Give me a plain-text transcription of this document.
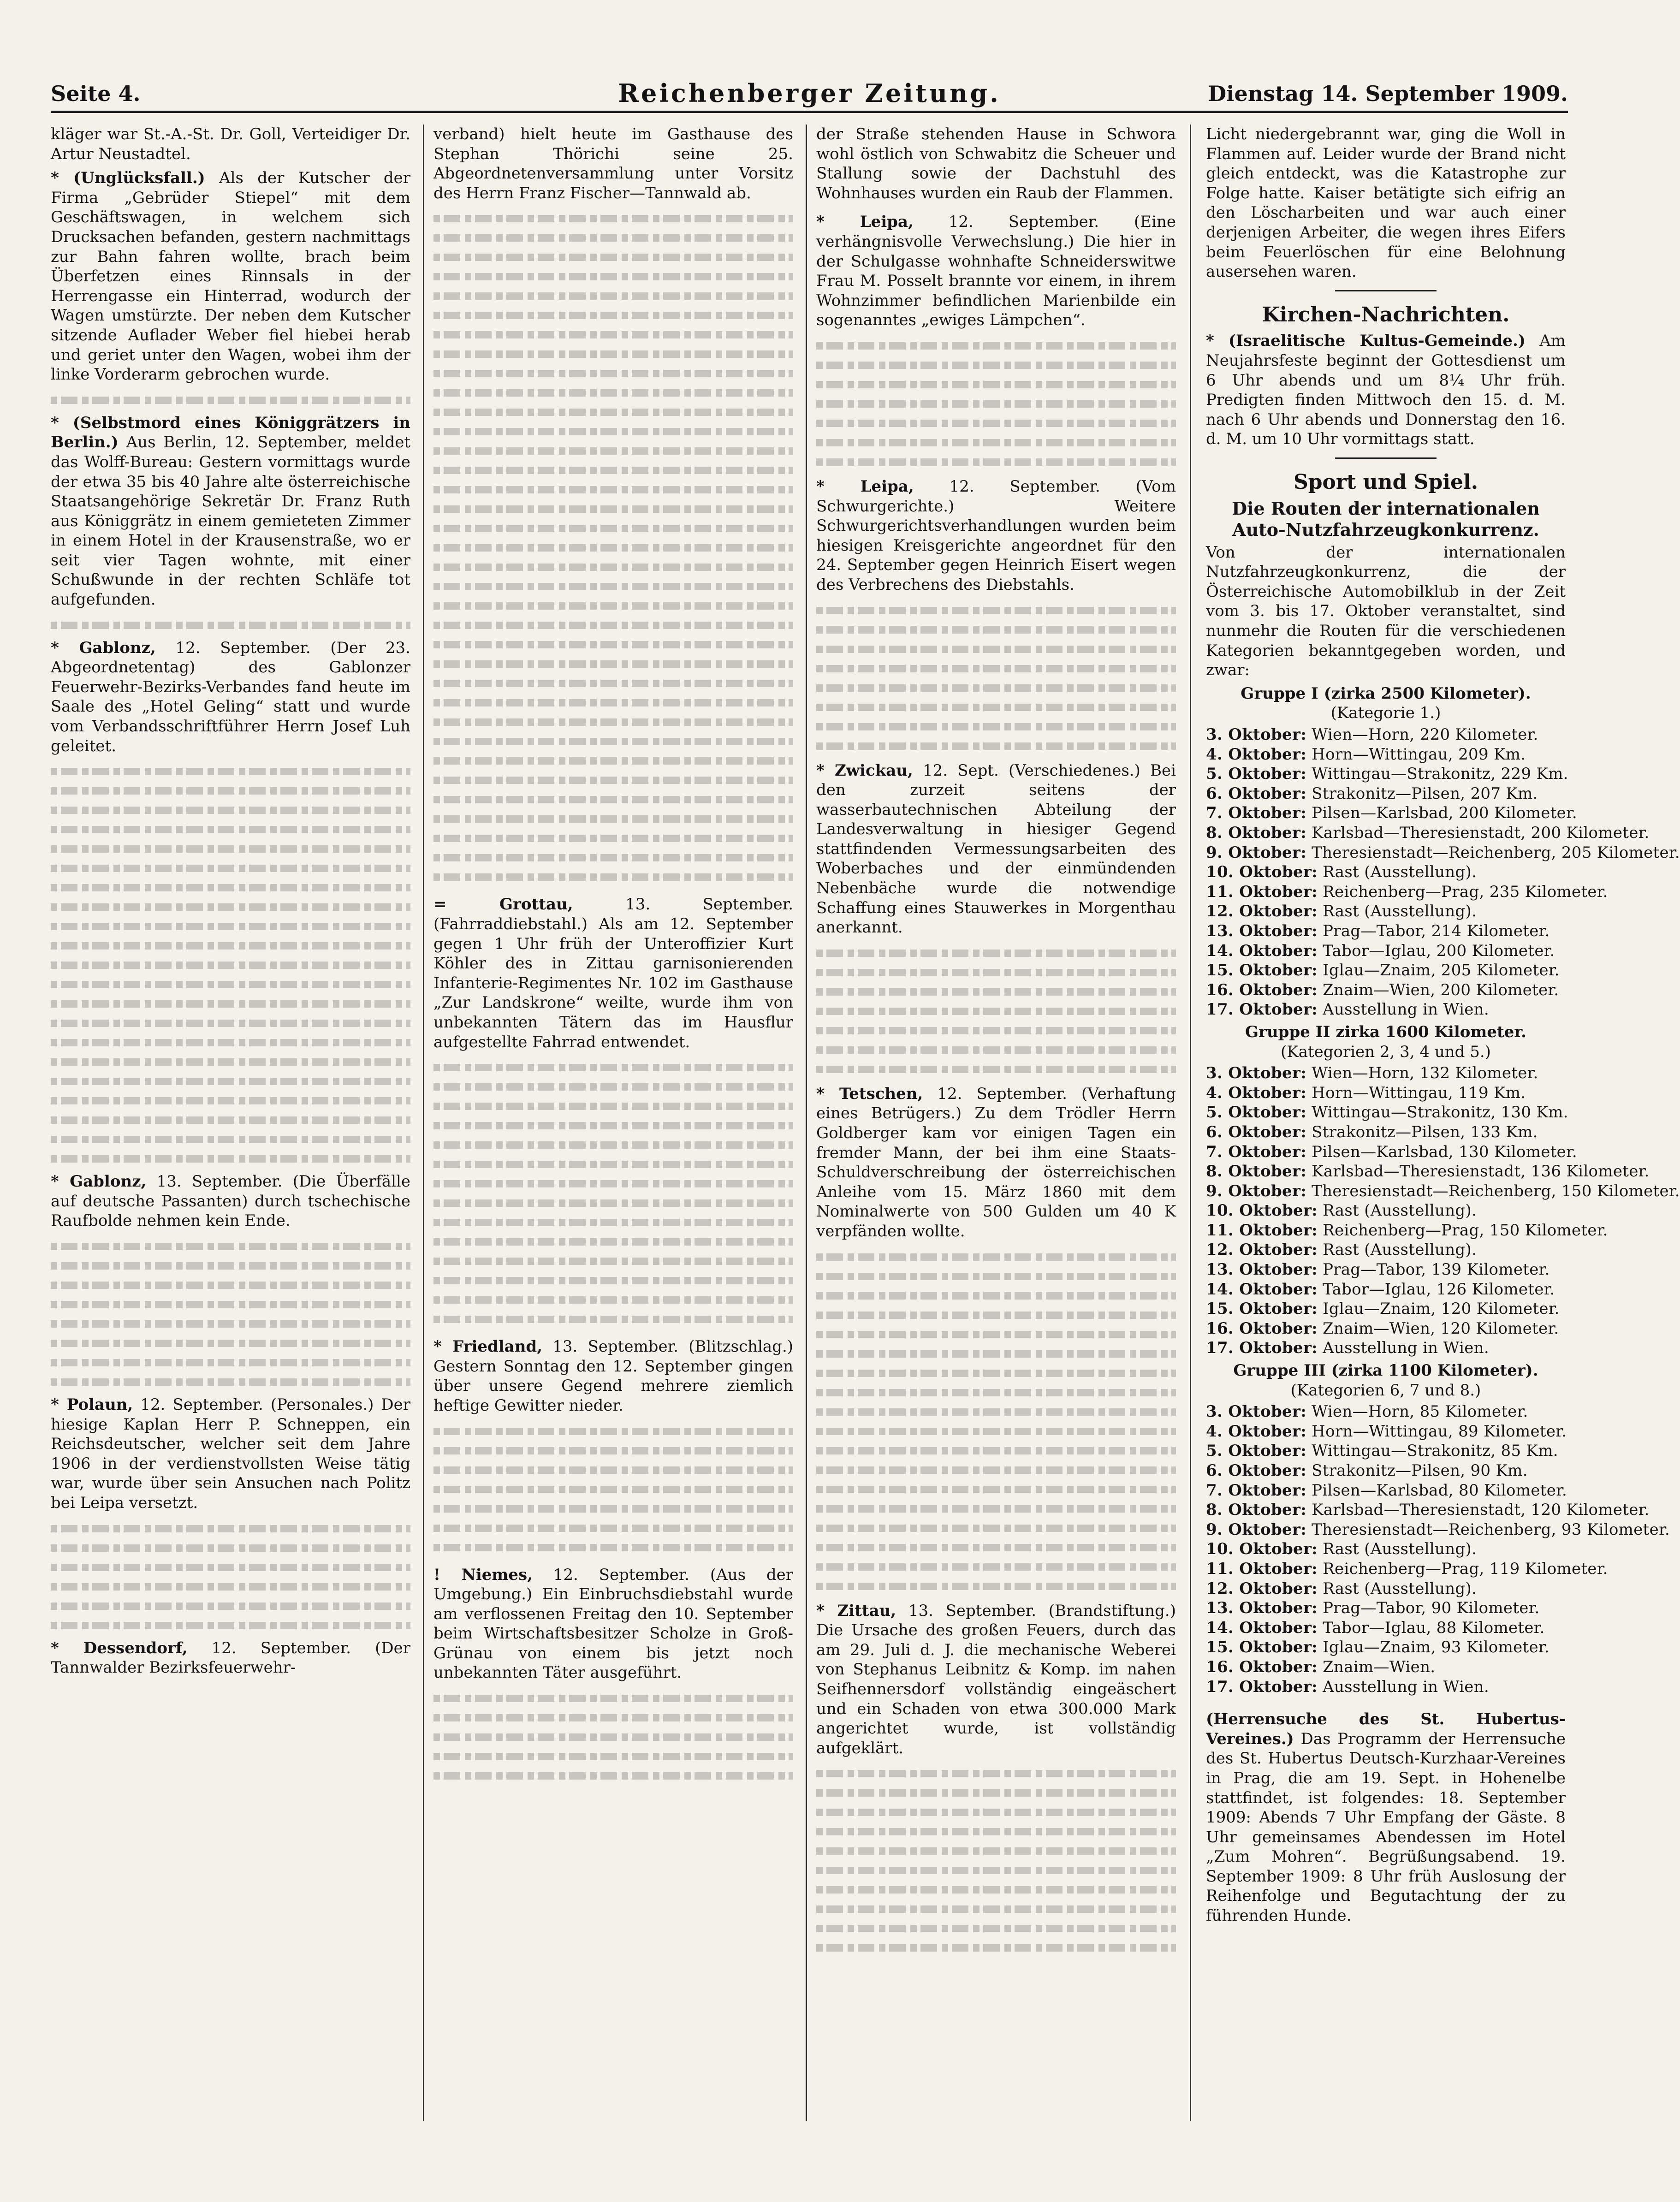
Seite 4.	Reichenberger Zeitung.	Dienstag 14. September 1909.

kläger war St.-A.-St. Dr. Goll, Verteidiger Dr. Artur Neustadtel.

* (Unglücksfall.) Als der Kutscher der Firma „Gebrüder Stiepel“ mit dem Geschäftswagen, in welchem sich Drucksachen befanden, gestern nachmittags zur Bahn fahren wollte, brach beim Überfetzen eines Rinnsals in der Herrengasse ein Hinterrad, wodurch der Wagen umstürzte. Der neben dem Kutscher sitzende Auflader Weber fiel hiebei herab und geriet unter den Wagen, wobei ihm der linke Vorderarm gebrochen wurde.

* (Selbstmord eines Königgrätzers in Berlin.) Aus Berlin, 12. September, meldet das Wolff-Bureau: Gestern vormittags wurde der etwa 35 bis 40 Jahre alte österreichische Staatsangehörige Sekretär Dr. Franz Ruth aus Königgrätz in einem gemieteten Zimmer in einem Hotel in der Krausenstraße, wo er seit vier Tagen wohnte, mit einer Schußwunde in der rechten Schläfe tot aufgefunden.

* Gablonz, 12. September. (Der 23. Abgeordnetentag) des Gablonzer Feuerwehr-Bezirks-Verbandes fand heute im Saale des „Hotel Geling“ statt und wurde vom Verbandsschriftführer Herrn Josef Luh geleitet.

* Gablonz, 13. September. (Die Überfälle auf deutsche Passanten) durch tschechische Raufbolde nehmen kein Ende.

* Polaun, 12. September. (Personales.) Der hiesige Kaplan Herr P. Schneppen, ein Reichsdeutscher, welcher seit dem Jahre 1906 in der verdienstvollsten Weise tätig war, wurde über sein Ansuchen nach Politz bei Leipa versetzt.

* Dessendorf, 12. September. (Der Tannwalder Bezirksfeuerwehr-

verband) hielt heute im Gasthause des Stephan Thörichi seine 25. Abgeordnetenversammlung unter Vorsitz des Herrn Franz Fischer—Tannwald ab.

= Grottau,	13. September. (Fahrraddiebstahl.) Als am 12. September gegen 1 Uhr früh der Unteroffizier Kurt Köhler des in Zittau garnisonierenden Infanterie-Regimentes Nr. 102 im Gasthause „Zur Landskrone“ weilte, wurde ihm von unbekannten Tätern das im Hausflur aufgestellte Fahrrad entwendet.

* Friedland, 13. September. (Blitzschlag.) Gestern Sonntag den 12. September gingen über unsere Gegend mehrere ziemlich heftige Gewitter nieder.

! Niemes, 12. September. (Aus der Umgebung.) Ein Einbruchsdiebstahl wurde am verflossenen Freitag den 10. September beim Wirtschaftsbesitzer Scholze in Groß-Grünau von einem bis jetzt noch unbekannten Täter ausgeführt.

der Straße stehenden Hause in Schwora wohl östlich von Schwabitz die Scheuer und Stallung sowie der Dachstuhl des Wohnhauses wurden ein Raub der Flammen.

* Leipa, 12. September. (Eine verhängnisvolle Verwechslung.) Die hier in der Schulgasse wohnhafte Schneiderswitwe Frau M. Posselt brannte vor einem, in ihrem Wohnzimmer befindlichen Marienbilde ein sogenanntes „ewiges Lämpchen“.

* Leipa, 12. September. (Vom Schwurgerichte.) Weitere Schwurgerichtsverhandlungen wurden beim hiesigen Kreisgerichte angeordnet für den 24. September gegen Heinrich Eisert wegen des Verbrechens des Diebstahls.

* Zwickau, 12. Sept. (Verschiedenes.) Bei den zurzeit seitens der wasserbautechnischen Abteilung der Landesverwaltung in hiesiger Gegend stattfindenden Vermessungsarbeiten des Woberbaches und der einmündenden Nebenbäche wurde die notwendige Schaffung eines Stauwerkes in Morgenthau anerkannt.

* Tetschen, 12. September. (Verhaftung eines Betrügers.) Zu dem Trödler Herrn Goldberger kam vor einigen Tagen ein fremder Mann, der bei ihm eine Staats-Schuldverschreibung der österreichischen Anleihe vom 15. März 1860 mit dem Nominalwerte von 500 Gulden um 40 K verpfänden wollte.

* Zittau, 13. September. (Brandstiftung.) Die Ursache des großen Feuers, durch das am 29. Juli d. J. die mechanische Weberei von Stephanus Leibnitz & Komp. im nahen Seifhennersdorf vollständig eingeäschert und ein Schaden von etwa 300.000 Mark angerichtet wurde, ist vollständig aufgeklärt.

Licht niedergebrannt war, ging die Woll in Flammen auf. Leider wurde der Brand nicht gleich entdeckt, was die Katastrophe zur Folge hatte. Kaiser betätigte sich eifrig an den Löscharbeiten und war auch einer derjenigen Arbeiter, die wegen ihres Eifers beim Feuerlöschen für eine Belohnung ausersehen waren.

Kirchen-Nachrichten.

* (Israelitische Kultus-Gemeinde.) Am Neujahrsfeste beginnt der Gottesdienst um 6 Uhr abends und um 8¼ Uhr früh. Predigten finden Mittwoch den 15. d. M. nach 6 Uhr abends und Donnerstag den 16. d. M. um 10 Uhr vormittags statt.

Sport und Spiel.
Die Routen der internationalen
Auto-Nutzfahrzeugkonkurrenz.
Von der internationalen Nutzfahrzeugkonkurrenz, die der Österreichische Automobilklub in der Zeit vom 3. bis 17. Oktober veranstaltet, sind nunmehr die Routen für die verschiedenen Kategorien bekanntgegeben worden, und zwar:
Gruppe I (zirka 2500 Kilometer).
(Kategorie 1.)
3. Oktober: Wien—Horn, 220 Kilometer.
4. Oktober: Horn—Wittingau, 209 Km.
5. Oktober: Wittingau—Strakonitz, 229 Km.
6. Oktober: Strakonitz—Pilsen, 207 Km.
7. Oktober: Pilsen—Karlsbad, 200 Kilometer.
8. Oktober: Karlsbad—Theresienstadt, 200 Kilometer.
9. Oktober: Theresienstadt—Reichenberg, 205 Kilometer.
10. Oktober: Rast (Ausstellung).
11. Oktober: Reichenberg—Prag, 235 Kilometer.
12. Oktober: Rast (Ausstellung).
13. Oktober: Prag—Tabor, 214 Kilometer.
14. Oktober: Tabor—Iglau, 200 Kilometer.
15. Oktober: Iglau—Znaim, 205 Kilometer.
16. Oktober: Znaim—Wien, 200 Kilometer.
17. Oktober: Ausstellung in Wien.
Gruppe II zirka 1600 Kilometer.
(Kategorien 2, 3, 4 und 5.)
3. Oktober: Wien—Horn, 132 Kilometer.
4. Oktober: Horn—Wittingau, 119 Km.
5. Oktober: Wittingau—Strakonitz, 130 Km.
6. Oktober: Strakonitz—Pilsen, 133 Km.
7. Oktober: Pilsen—Karlsbad, 130 Kilometer.
8. Oktober: Karlsbad—Theresienstadt, 136 Kilometer.
9. Oktober: Theresienstadt—Reichenberg, 150 Kilometer.
10. Oktober: Rast (Ausstellung).
11. Oktober: Reichenberg—Prag, 150 Kilometer.
12. Oktober: Rast (Ausstellung).
13. Oktober: Prag—Tabor, 139 Kilometer.
14. Oktober: Tabor—Iglau, 126 Kilometer.
15. Oktober: Iglau—Znaim, 120 Kilometer.
16. Oktober: Znaim—Wien, 120 Kilometer.
17. Oktober: Ausstellung in Wien.
Gruppe III (zirka 1100 Kilometer).
(Kategorien 6, 7 und 8.)
3. Oktober: Wien—Horn, 85 Kilometer.
4. Oktober: Horn—Wittingau, 89 Kilometer.
5. Oktober: Wittingau—Strakonitz, 85 Km.
6. Oktober: Strakonitz—Pilsen, 90 Km.
7. Oktober: Pilsen—Karlsbad, 80 Kilometer.
8. Oktober: Karlsbad—Theresienstadt, 120 Kilometer.
9. Oktober: Theresienstadt—Reichenberg, 93 Kilometer.
10. Oktober: Rast (Ausstellung).
11. Oktober: Reichenberg—Prag, 119 Kilometer.
12. Oktober: Rast (Ausstellung).
13. Oktober: Prag—Tabor, 90 Kilometer.
14. Oktober: Tabor—Iglau, 88 Kilometer.
15. Oktober: Iglau—Znaim, 93 Kilometer.
16. Oktober: Znaim—Wien.
17. Oktober: Ausstellung in Wien.

(Herrensuche des St. Hubertus-Vereines.) Das Programm der Herrensuche des St. Hubertus Deutsch-Kurzhaar-Vereines in Prag, die am 19. Sept. in Hohenelbe stattfindet, ist folgendes: 18. September 1909: Abends 7 Uhr Empfang der Gäste. 8 Uhr gemeinsames Abendessen im Hotel „Zum Mohren“. Begrüßungsabend. 19. September 1909: 8 Uhr früh Auslosung der Reihenfolge und Begutachtung der zu führenden Hunde.
